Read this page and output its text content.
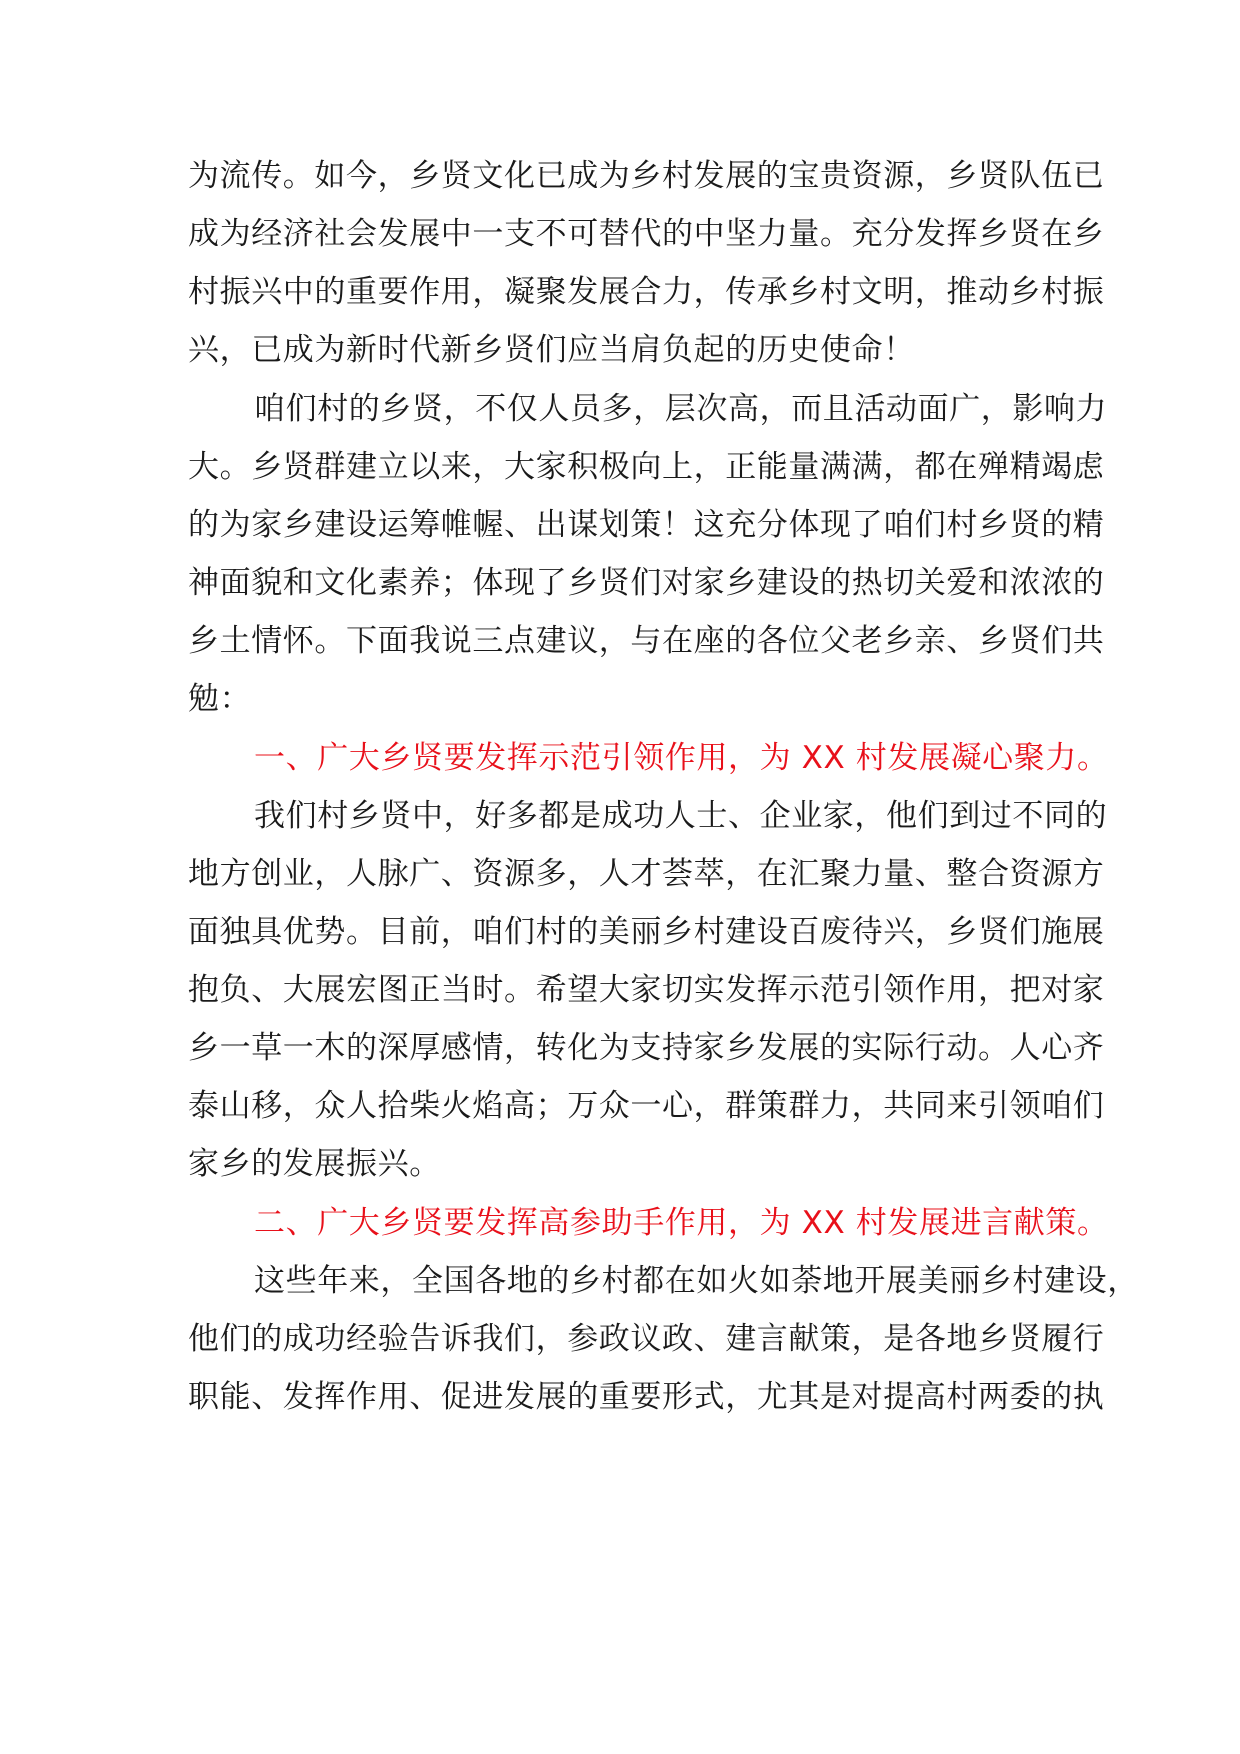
为流传。如今，乡贤文化已成为乡村发展的宝贵资源，乡贤队伍已
成为经济社会发展中一支不可替代的中坚力量。充分发挥乡贤在乡
村振兴中的重要作用，凝聚发展合力，传承乡村文明，推动乡村振
兴，已成为新时代新乡贤们应当肩负起的历史使命！
咱们村的乡贤，不仅人员多，层次高，而且活动面广，影响力
大。乡贤群建立以来，大家积极向上，正能量满满，都在殚精竭虑
的为家乡建设运筹帷幄、出谋划策！这充分体现了咱们村乡贤的精
神面貌和文化素养；体现了乡贤们对家乡建设的热切关爱和浓浓的
乡土情怀。下面我说三点建议，与在座的各位父老乡亲、乡贤们共
勉：
一、广大乡贤要发挥示范引领作用，为 XX 村发展凝心聚力。
我们村乡贤中，好多都是成功人士、企业家，他们到过不同的
地方创业，人脉广、资源多，人才荟萃，在汇聚力量、整合资源方
面独具优势。目前，咱们村的美丽乡村建设百废待兴，乡贤们施展
抱负、大展宏图正当时。希望大家切实发挥示范引领作用，把对家
乡一草一木的深厚感情，转化为支持家乡发展的实际行动。人心齐
泰山移，众人拾柴火焰高；万众一心，群策群力，共同来引领咱们
家乡的发展振兴。
二、广大乡贤要发挥高参助手作用，为 XX 村发展进言献策。
这些年来，全国各地的乡村都在如火如荼地开展美丽乡村建设，
他们的成功经验告诉我们，参政议政、建言献策，是各地乡贤履行
职能、发挥作用、促进发展的重要形式，尤其是对提高村两委的执
